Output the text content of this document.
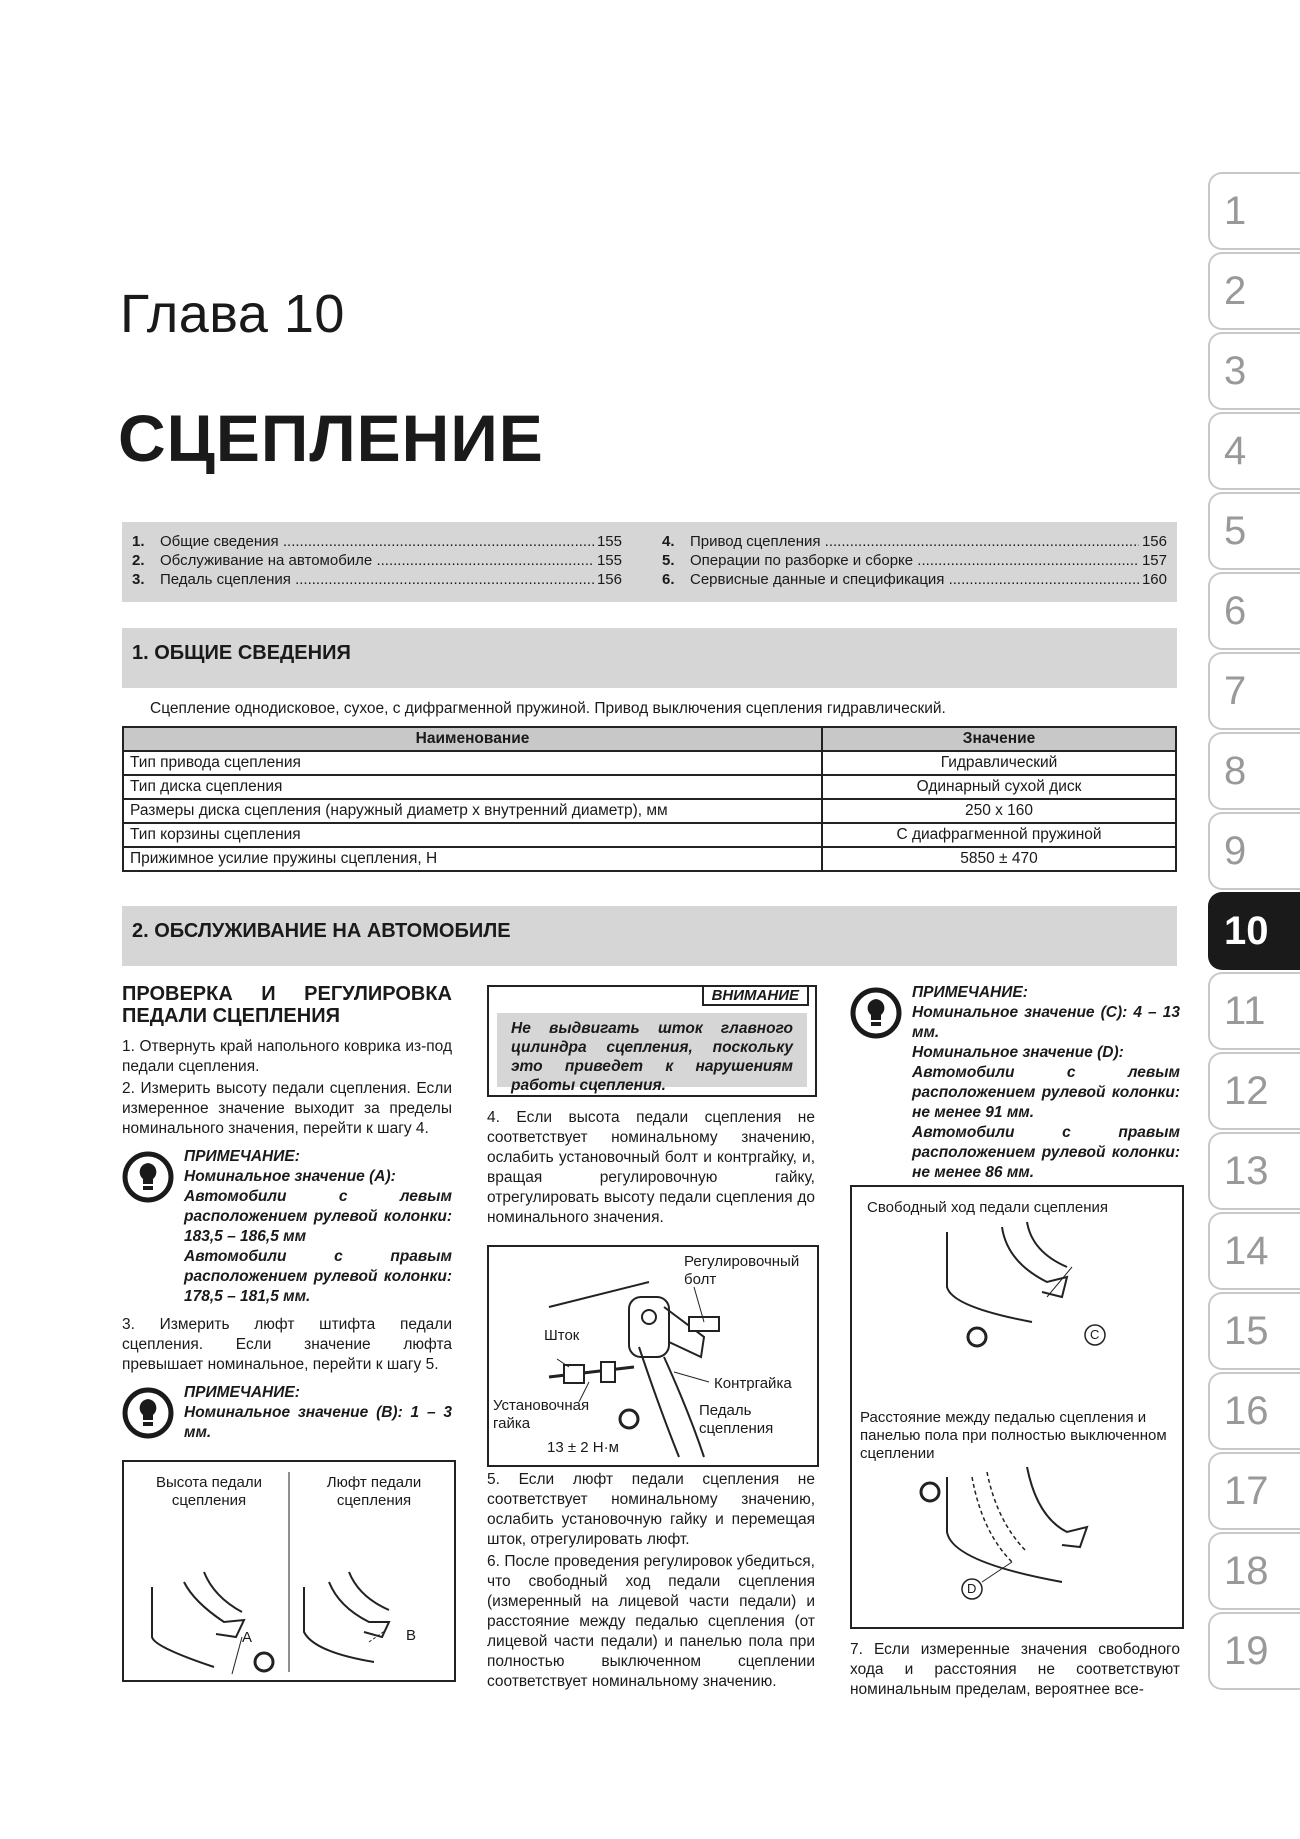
Глава 10
СЦЕПЛЕНИЕ
1.	Общие сведения .....	155
2.	Обслуживание на автомобиле .....	155
3.	Педаль сцепления .....	156
4.	Привод сцепления .....	156
5.	Операции по разборке и сборке .....	157
6.	Сервисные данные и спецификация .....	160
1. ОБЩИЕ СВЕДЕНИЯ
Сцепление однодисковое, сухое, с дифрагменной пружиной. Привод выключения сцепления гидравлический.
Наименование	Значение
Тип привода сцепления	Гидравлический
Тип диска сцепления	Одинарный сухой диск
Размеры диска сцепления (наружный диаметр x внутренний диаметр), мм	250 x 160
Тип корзины сцепления	С диафрагменной пружиной
Прижимное усилие пружины сцепления, Н	5850 ± 470
2. ОБСЛУЖИВАНИЕ НА АВТОМОБИЛЕ
ПРОВЕРКА И РЕГУЛИРОВКА ПЕДАЛИ СЦЕПЛЕНИЯ

1. Отвернуть край напольного коврика из-под педали сцепления.

2. Измерить высоту педали сцепления. Если измеренное значение выходит за пределы номинального значения, перейти к шагу 4.

ПРИМЕЧАНИЕ:
Номинальное значение (A):
Автомобили с левым расположением рулевой колонки: 183,5 – 186,5 мм
Автомобили с правым расположением рулевой колонки: 178,5 – 181,5 мм.

3. Измерить люфт штифта педали сцепления. Если значение люфта превышает номинальное, перейти к шагу 5.

ПРИМЕЧАНИЕ:
Номинальное значение (B): 1 – 3 мм.
Высота педали сцепления
Люфт педали сцепления
A	B
ВНИМАНИЕ
Не выдвигать шток главного цилиндра сцепления, поскольку это приведет к нарушениям работы сцепления.

4. Если высота педали сцепления не соответствует номинальному значению, ослабить установочный болт и контргайку, и, вращая регулировочную гайку, отрегулировать высоту педали сцепления до номинального значения.

Регулировочный болт
Шток
Контргайка
Установочная гайка
13 ± 2 Н·м
Педаль сцепления

5. Если люфт педали сцепления не соответствует номинальному значению, ослабить установочную гайку и перемещая шток, отрегулировать люфт.

6. После проведения регулировок убедиться, что свободный ход педали сцепления (измеренный на лицевой части педали) и расстояние между педалью сцепления (от лицевой части педали) и панелью пола при полностью выключенном сцеплении соответствует номинальному значению.

ПРИМЕЧАНИЕ:
Номинальное значение (C): 4 – 13 мм.
Номинальное значение (D):
Автомобили с левым расположением рулевой колонки: не менее 91 мм.
Автомобили с правым расположением рулевой колонки: не менее 86 мм.
Свободный ход педали сцепления
Расстояние между педалью сцепления и панелью пола при полностью выключенном сцеплении
C
D

7. Если измеренные значения свободного хода и расстояния не соответствуют номинальным пределам, вероятнее все-

1
2
3
4
5
6
7
8
9
10
11
12
13
14
15
16
17
18
19
